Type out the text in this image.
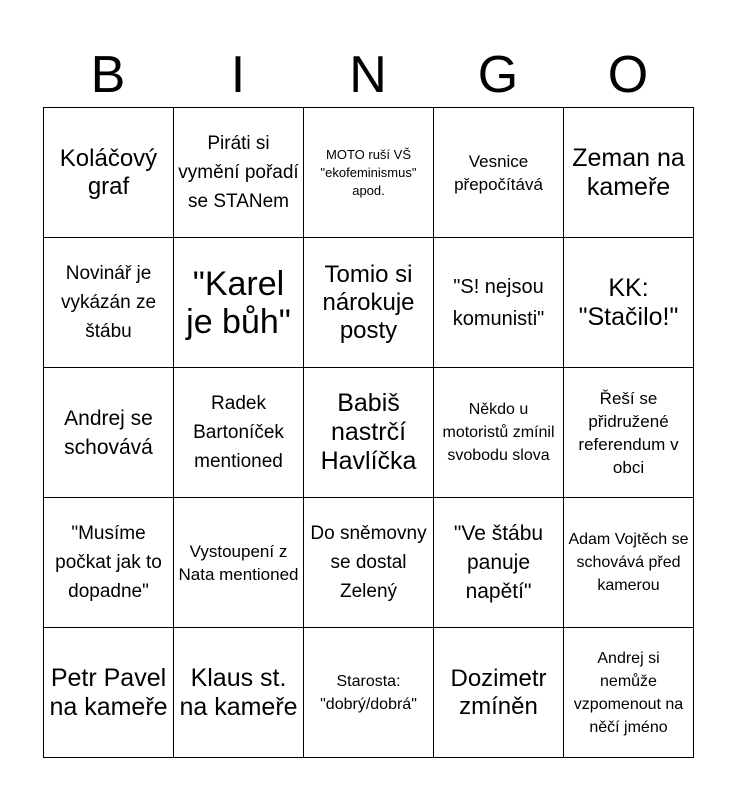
B	I	N	G	O
Koláčový graf	Piráti si vymění pořadí se STANem	MOTO ruší VŠ "ekofeminismus" apod.	Vesnice přepočítává	Zeman na kameře
Novinář je vykázán ze štábu	"Karel je bůh"	Tomio si nárokuje posty	"S! nejsou komunisti"	KK: "Stačilo!"
Andrej se schovává	Radek Bartoníček mentioned	Babiš nastrčí Havlíčka	Někdo u motoristů zmínil svobodu slova	Řeší se přidružené referendum v obci
"Musíme počkat jak to dopadne"	Vystoupení z Nata mentioned	Do sněmovny se dostal Zelený	"Ve štábu panuje napětí"	Adam Vojtěch se schovává před kamerou
Petr Pavel na kameře	Klaus st. na kameře	Starosta: "dobrý/dobrá"	Dozimetr zmíněn	Andrej si nemůže vzpomenout na něčí jméno
